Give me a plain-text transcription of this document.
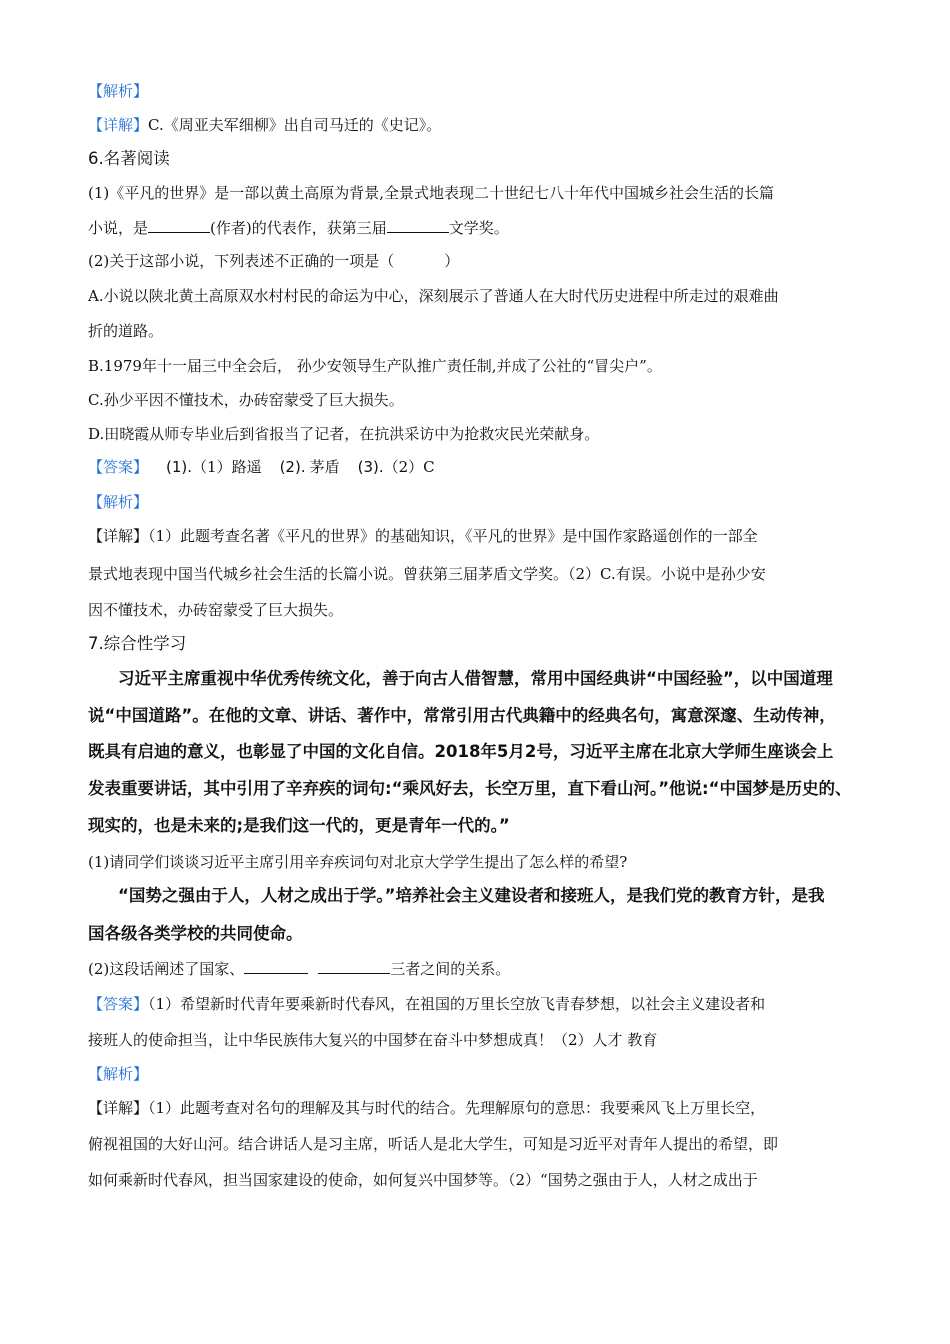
【解析】
【详解】C.《周亚夫军细柳》出自司马迁的《史记》。
6.名著阅读
(1)《平凡的世界》是一部以黄土高原为背景,全景式地表现二十世纪七八十年代中国城乡社会生活的长篇
小说，是	(作者)的代表作，获第三届	文学奖。
(2)关于这部小说，下列表述不正确的一项是（	）
A.小说以陕北黄土高原双水村村民的命运为中心，深刻展示了普通人在大时代历史进程中所走过的艰难曲
折的道路。
B.1979年十一届三中全会后， 孙少安领导生产队推广责任制,并成了公社的“冒尖户”。
C.孙少平因不懂技术，办砖窑蒙受了巨大损失。
D.田晓霞从师专毕业后到省报当了记者，在抗洪采访中为抢救灾民光荣献身。
【答案】 (1).（1）路遥 (2). 茅盾 (3).（2）C
【解析】
【详解】（1）此题考查名著《平凡的世界》的基础知识，《平凡的世界》是中国作家路遥创作的一部全
景式地表现中国当代城乡社会生活的长篇小说。曾获第三届茅盾文学奖。（2）C.有误。小说中是孙少安
因不懂技术，办砖窑蒙受了巨大损失。
7.综合性学习
习近平主席重视中华优秀传统文化，善于向古人借智慧，常用中国经典讲“中国经验”，以中国道理
说“中国道路”。在他的文章、讲话、著作中，常常引用古代典籍中的经典名句，寓意深邃、生动传神，
既具有启迪的意义，也彰显了中国的文化自信。2018年5月2号，习近平主席在北京大学师生座谈会上
发表重要讲话，其中引用了辛弃疾的词句:“乘风好去，长空万里，直下看山河。”他说:“中国梦是历史的、
现实的，也是未来的;是我们这一代的，更是青年一代的。”
(1)请同学们谈谈习近平主席引用辛弃疾词句对北京大学学生提出了怎么样的希望?
“国势之强由于人，人材之成出于学。”培养社会主义建设者和接班人，是我们党的教育方针，是我
国各级各类学校的共同使命。
(2)这段话阐述了国家、	三者之间的关系。
【答案】（1）希望新时代青年要乘新时代春风，在祖国的万里长空放飞青春梦想，以社会主义建设者和
接班人的使命担当，让中华民族伟大复兴的中国梦在奋斗中梦想成真！（2）人才 教育
【解析】
【详解】（1）此题考查对名句的理解及其与时代的结合。先理解原句的意思：我要乘风飞上万里长空，
俯视祖国的大好山河。结合讲话人是习主席，听话人是北大学生，可知是习近平对青年人提出的希望，即
如何乘新时代春风，担当国家建设的使命，如何复兴中国梦等。（2）“国势之强由于人，人材之成出于
